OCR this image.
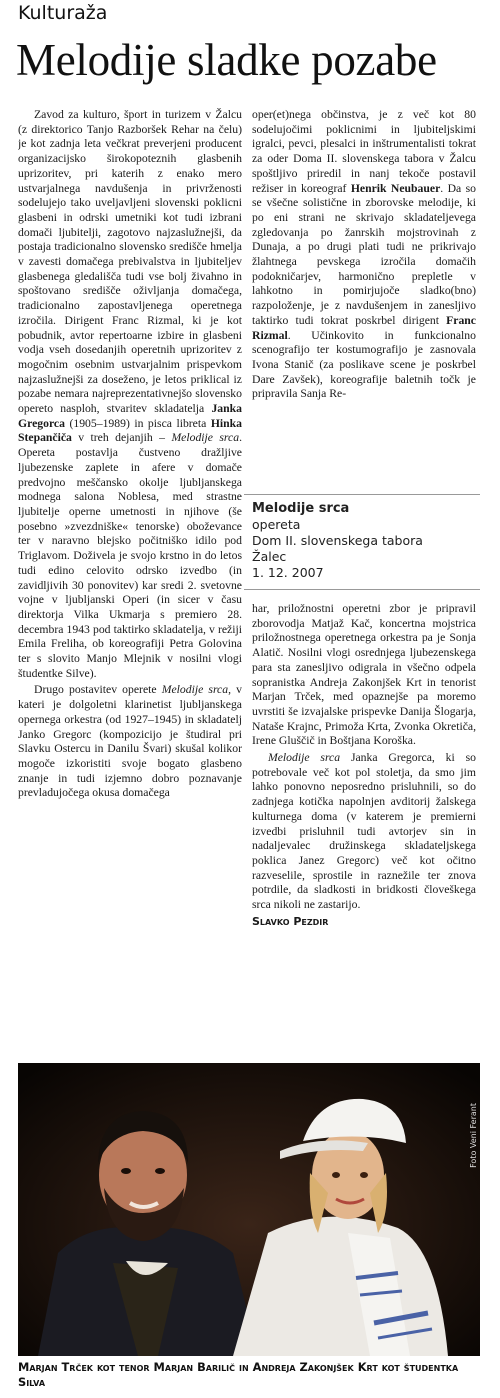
Kulturaža
Melodije sladke pozabe

Zavod za kulturo, šport in turizem v Žalcu (z direktorico Tanjo Razboršek Rehar na čelu) je kot zadnja leta večkrat preverjeni producent organizacijsko širokopoteznih glasbenih uprizoritev, pri katerih z enako mero ustvarjalnega navdušenja in privrženosti sodelujejo tako uveljavljeni slovenski poklicni glasbeni in odrski umetniki kot tudi izbrani domači ljubitelji, zagotovo najzaslužnejši, da postaja tradicionalno slovensko središče hmelja v zavesti domačega prebivalstva in ljubiteljev glasbenega gledališča tudi vse bolj živahno in spoštovano središče oživljanja domačega, tradicionalno zapostavljenega operetnega izročila. Dirigent Franc Rizmal, ki je kot pobudnik, avtor repertoarne izbire in glasbeni vodja vseh dosedanjih operetnih uprizoritev z mogočnim osebnim ustvarjalnim prispevkom najzaslužnejši za doseženo, je letos priklical iz pozabe nemara najreprezentativnejšo slovensko opereto nasploh, stvaritev skladatelja Janka Gregorca (1905–1989) in pisca libreta Hinka Stepančiča v treh dejanjih – Melodije srca. Opereta postavlja čustveno dražljive ljubezenske zaplete in afere v domače predvojno meščansko okolje ljubljanskega modnega salona Noblesa, med strastne ljubitelje operne umetnosti in njihove (še posebno »zvezdniške« tenorske) oboževance ter v naravno blejsko počitniško idilo pod Triglavom. Doživela je svojo krstno in do letos tudi edino celovito odrsko izvedbo (in zavidljivih 30 ponovitev) kar sredi 2. svetovne vojne v ljubljanski Operi (in sicer v času direktorja Vilka Ukmarja s premiero 28. decembra 1943 pod taktirko skladatelja, v režiji Emila Freliha, ob koreografiji Petra Golovina ter s slovito Manjo Mlejnik v nosilni vlogi študentke Silve).

Drugo postavitev operete Melodije srca, v kateri je dolgoletni klarinetist ljubljanskega opernega orkestra (od 1927–1945) in skladatelj Janko Gregorc (kompozicijo je študiral pri Slavku Ostercu in Danilu Švari) skušal kolikor mogoče izkoristiti svoje bogato glasbeno znanje in tudi izjemno dobro poznavanje prevladujočega okusa domačega

oper(et)nega občinstva, je z več kot 80 sodelujočimi poklicnimi in ljubiteljskimi igralci, pevci, plesalci in inštrumentalisti tokrat za oder Doma II. slovenskega tabora v Žalcu spoštljivo priredil in nanj tekoče postavil režiser in koreograf Henrik Neubauer. Da so se všečne solistične in zborovske melodije, ki po eni strani ne skrivajo skladateljevega zgledovanja po žanrskih mojstrovinah z Dunaja, a po drugi plati tudi ne prikrivajo žlahtnega pevskega izročila domačih podokničarjev, harmonično prepletle v lahkotno in pomirjujoče sladko(bno) razpoloženje, je z navdušenjem in zanesljivo taktirko tudi tokrat poskrbel dirigent Franc Rizmal. Učinkovito in funkcionalno scenografijo ter kostumografijo je zasnovala Ivona Stanič (za poslikave scene je poskrbel Dare Zavšek), koreografije baletnih točk je pripravila Sanja Re-

Melodije srca
opereta
Dom II. slovenskega tabora
Žalec
1. 12. 2007

har, priložnostni operetni zbor je pripravil zborovodja Matjaž Kač, koncertna mojstrica priložnostnega operetnega orkestra pa je Sonja Alatič. Nosilni vlogi osrednjega ljubezenskega para sta zanesljivo odigrala in všečno odpela sopranistka Andreja Zakonjšek Krt in tenorist Marjan Trček, med opaznejše pa moremo uvrstiti še izvajalske prispevke Danija Šlogarja, Nataše Krajnc, Primoža Krta, Zvonka Okretiča, Irene Gluščič in Boštjana Koroška.

Melodije srca Janka Gregorca, ki so potrebovale več kot pol stoletja, da smo jim lahko ponovno neposredno prisluhnili, so do zadnjega kotička napolnjen avditorij žalskega kulturnega doma (v katerem je premierni izvedbi prisluhnil tudi avtorjev sin in nadaljevalec družinskega skladateljskega poklica Janez Gregorc) več kot očitno razveselile, sprostile in raznežile ter znova potrdile, da sladkosti in bridkosti človeškega srca nikoli ne zastarijo.

Slavko Pezdir
Foto Veni Ferant
Marjan Trček kot tenor Marjan Barilič in Andreja Zakonjšek Krt kot študentka Silva
